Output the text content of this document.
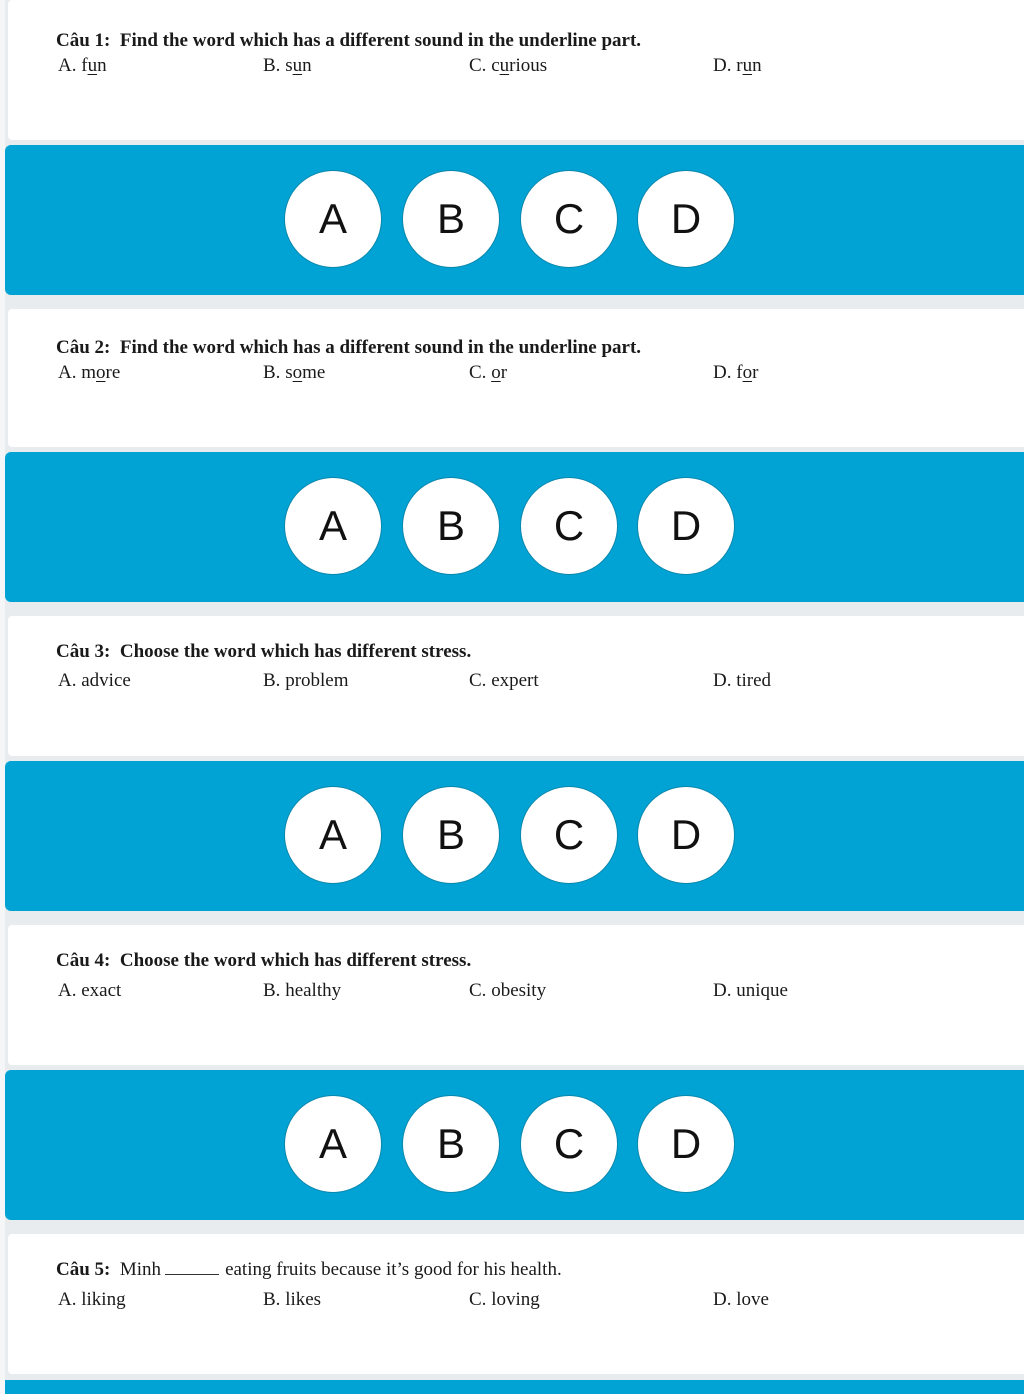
Câu 1: Find the word which has a different sound in the underline part.
A. fun	B. sun	C. curious	D. run
A	B	C	D
Câu 2: Find the word which has a different sound in the underline part.
A. more	B. some	C. or	D. for
A	B	C	D
Câu 3: Choose the word which has different stress.
A. advice	B. problem	C. expert	D. tired
A	B	C	D
Câu 4: Choose the word which has different stress.
A. exact	B. healthy	C. obesity	D. unique
A	B	C	D
Câu 5: Minh	eating fruits because it’s good for his health.
A. liking	B. likes	C. loving	D. love
